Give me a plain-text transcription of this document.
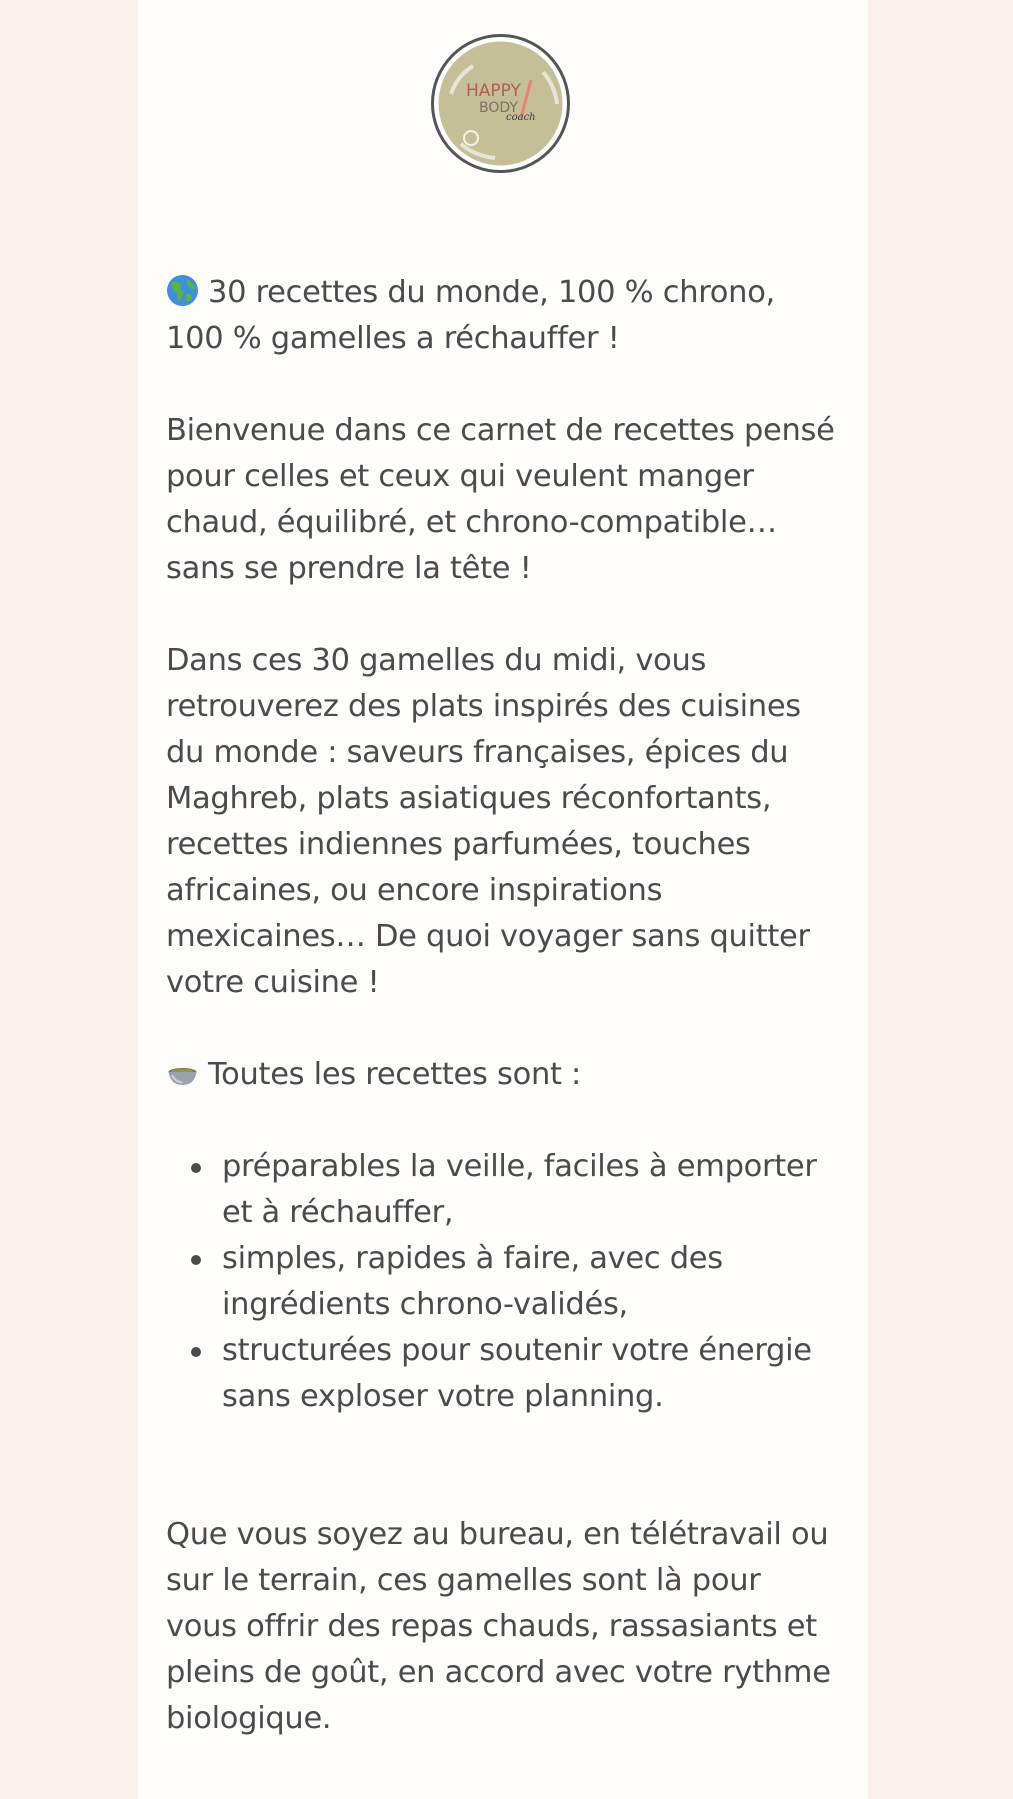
HAPPY
BODY
coach

30 recettes du monde, 100 % chrono, 100 % gamelles a réchauffer !

Bienvenue dans ce carnet de recettes pensé pour celles et ceux qui veulent manger chaud, équilibré, et chrono-compatible… sans se prendre la tête !

Dans ces 30 gamelles du midi, vous retrouverez des plats inspirés des cuisines du monde : saveurs françaises, épices du Maghreb, plats asiatiques réconfortants, recettes indiennes parfumées, touches africaines, ou encore inspirations mexicaines… De quoi voyager sans quitter votre cuisine !

Toutes les recettes sont :

préparables la veille, faciles à emporter et à réchauffer,
simples, rapides à faire, avec des ingrédients chrono-validés,
structurées pour soutenir votre énergie sans exploser votre planning.

Que vous soyez au bureau, en télétravail ou sur le terrain, ces gamelles sont là pour vous offrir des repas chauds, rassasiants et pleins de goût, en accord avec votre rythme biologique.
